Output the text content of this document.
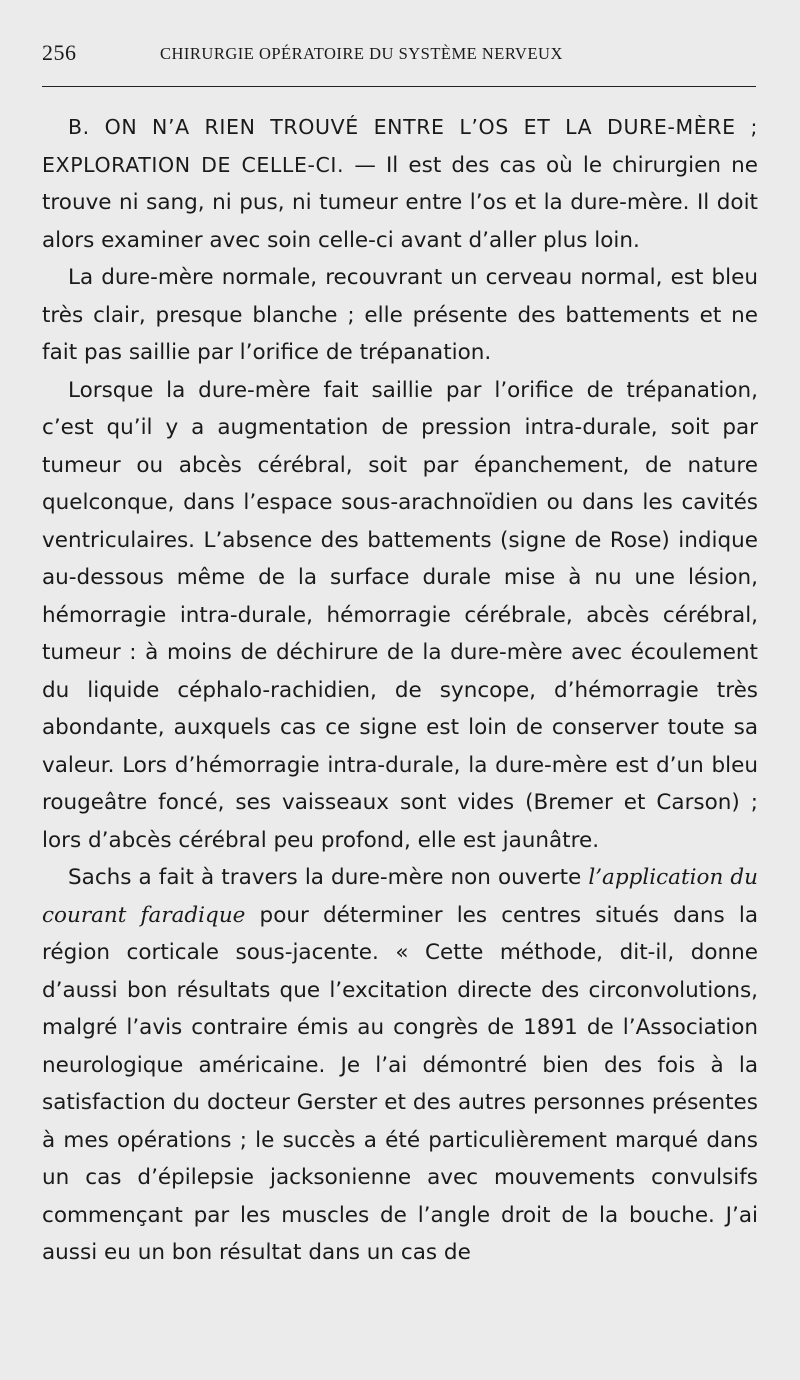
256	CHIRURGIE OPÉRATOIRE DU SYSTÈME NERVEUX

B. ON N’A RIEN TROUVÉ ENTRE L’OS ET LA DURE-MÈRE ; EXPLORATION DE CELLE-CI. — Il est des cas où le chirurgien ne trouve ni sang, ni pus, ni tumeur entre l’os et la dure-mère. Il doit alors examiner avec soin celle-ci avant d’aller plus loin.

La dure-mère normale, recouvrant un cerveau normal, est bleu très clair, presque blanche ; elle présente des battements et ne fait pas saillie par l’orifice de trépanation.

Lorsque la dure-mère fait saillie par l’orifice de trépanation, c’est qu’il y a augmentation de pression intra-durale, soit par tumeur ou abcès cérébral, soit par épanchement, de nature quelconque, dans l’espace sous-arachnoïdien ou dans les cavités ventriculaires. L’absence des battements (signe de Rose) indique au-dessous même de la surface durale mise à nu une lésion, hémorragie intra-durale, hémorragie cérébrale, abcès cérébral, tumeur : à moins de déchirure de la dure-mère avec écoulement du liquide céphalo-rachidien, de syncope, d’hémorragie très abondante, auxquels cas ce signe est loin de conserver toute sa valeur. Lors d’hémorragie intra-durale, la dure-mère est d’un bleu rougeâtre foncé, ses vaisseaux sont vides (Bremer et Carson) ; lors d’abcès cérébral peu profond, elle est jaunâtre.

Sachs a fait à travers la dure-mère non ouverte l’application du courant faradique pour déterminer les centres situés dans la région corticale sous-jacente. « Cette méthode, dit-il, donne d’aussi bon résultats que l’excitation directe des circonvolutions, malgré l’avis contraire émis au congrès de 1891 de l’Association neurologique américaine. Je l’ai démontré bien des fois à la satisfaction du docteur Gerster et des autres personnes présentes à mes opérations ; le succès a été particulièrement marqué dans un cas d’épilepsie jacksonienne avec mouvements convulsifs commençant par les muscles de l’angle droit de la bouche. J’ai aussi eu un bon résultat dans un cas de
